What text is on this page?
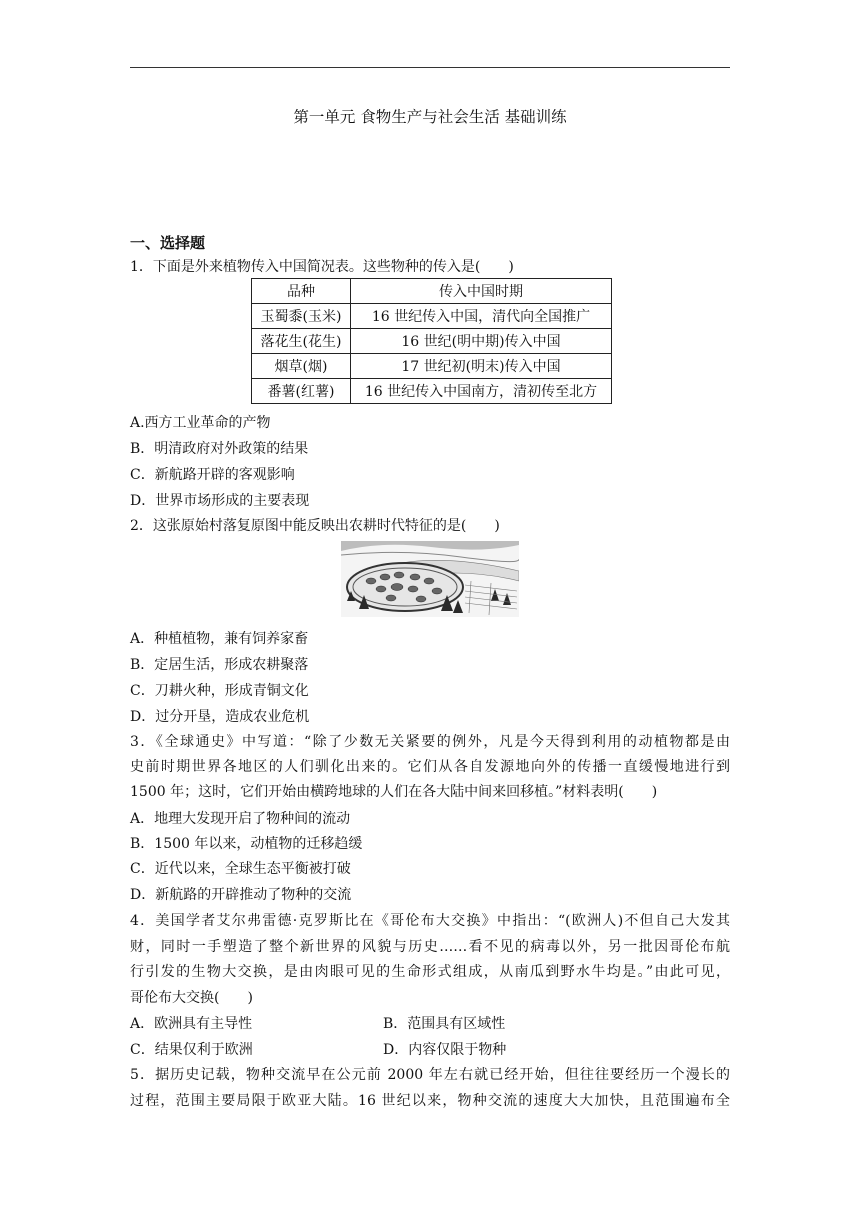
第一单元 食物生产与社会生活 基础训练
一、选择题
1．下面是外来植物传入中国简况表。这些物种的传入是(　　)
品种	传入中国时期
玉蜀黍(玉米)	16 世纪传入中国，清代向全国推广
落花生(花生)	16 世纪(明中期)传入中国
烟草(烟)	17 世纪初(明末)传入中国
番薯(红薯)	16 世纪传入中国南方，清初传至北方
A.西方工业革命的产物
B．明清政府对外政策的结果
C．新航路开辟的客观影响
D．世界市场形成的主要表现
2．这张原始村落复原图中能反映出农耕时代特征的是(　　)
A．种植植物，兼有饲养家畜
B．定居生活，形成农耕聚落
C．刀耕火种，形成青铜文化
D．过分开垦，造成农业危机
3．《全球通史》中写道：“除了少数无关紧要的例外，凡是今天得到利用的动植物都是由
史前时期世界各地区的人们驯化出来的。它们从各自发源地向外的传播一直缓慢地进行到
1500 年；这时，它们开始由横跨地球的人们在各大陆中间来回移植。”材料表明(　　)
A．地理大发现开启了物种间的流动
B．1500 年以来，动植物的迁移趋缓
C．近代以来，全球生态平衡被打破
D．新航路的开辟推动了物种的交流
4．美国学者艾尔弗雷德·克罗斯比在《哥伦布大交换》中指出：“(欧洲人)不但自己大发其
财，同时一手塑造了整个新世界的风貌与历史……看不见的病毒以外，另一批因哥伦布航
行引发的生物大交换，是由肉眼可见的生命形式组成，从南瓜到野水牛均是。”由此可见，
哥伦布大交换(　　)
A．欧洲具有主导性	B．范围具有区域性
C．结果仅利于欧洲	D．内容仅限于物种
5．据历史记载，物种交流早在公元前 2000 年左右就已经开始，但往往要经历一个漫长的
过程，范围主要局限于欧亚大陆。16 世纪以来，物种交流的速度大大加快，且范围遍布全
